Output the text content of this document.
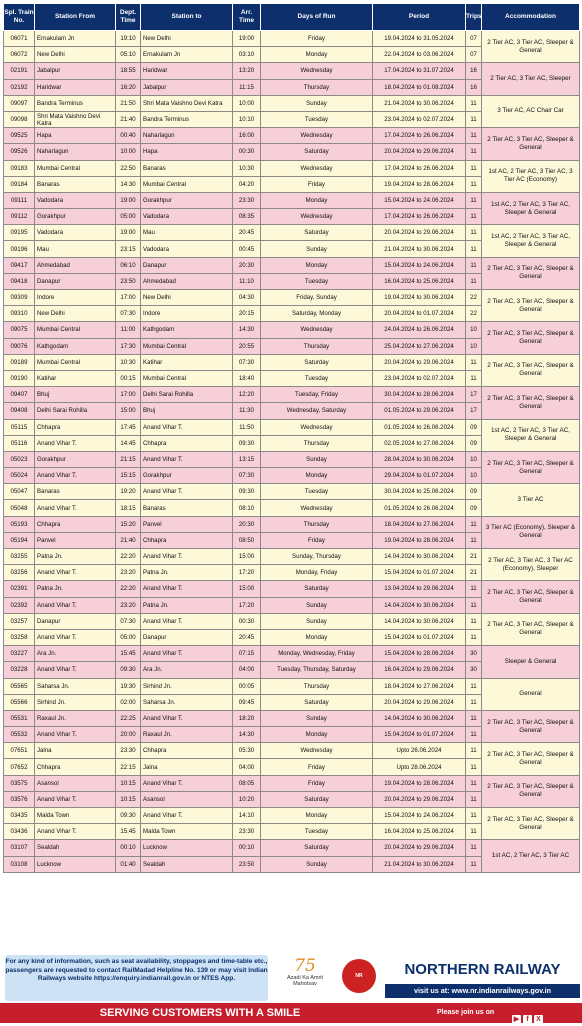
Spl. Train No.	Station From	Dept. Time	Station to	Arr. Time	Days of Run	Period	Trips	Accommodation
06071	Ernakulam Jn	19:10	New Delhi	19:00	Friday	19.04.2024 to 31.05.2024	07	2 Tier AC, 3 Tier AC, Sleeper & General
06072	New Delhi	05:10	Ernakulam Jn	03:10	Monday	22.04.2024 to 03.06.2024	07	
02191	Jabalpur	18:55	Haridwar	13:20	Wednesday	17.04.2024 to 31.07.2024	16	2 Tier AC, 3 Tier AC, Sleeper
02192	Haridwar	16:20	Jabalpur	11:15	Thursday	18.04.2024 to 01.08.2024	16	
09097	Bandra Terminus	21:50	Shri Mata Vaishno Devi Katra	10:00	Sunday	21.04.2024 to 30.06.2024	11	3 Tier AC, AC Chair Car
09098	Shri Mata Vaishno Devi Katra	21:40	Bandra Terminus	10:10	Tuesday	23.04.2024 to 02.07.2024	11	
09525	Hapa	00:40	Naharlagun	16:00	Wednesday	17.04.2024 to 26.06.2024	11	2 Tier AC, 3 Tier AC, Sleeper & General
09526	Naharlagun	10:00	Hapa	00:30	Saturday	20.04.2024 to 29.06.2024	11	
09183	Mumbai Central	22:50	Banaras	10:30	Wednesday	17.04.2024 to 26.06.2024	11	1st AC, 2 Tier AC, 3 Tier AC, 3 Tier AC (Economy)
09184	Banaras	14:30	Mumbai Central	04:20	Friday	19.04.2024 to 28.06.2024	11	
09111	Vadodara	19:00	Gorakhpur	23:30	Monday	15.04.2024 to 24.06.2024	11	1st AC, 2 Tier AC, 3 Tier AC, Sleeper & General
09112	Gorakhpur	05:00	Vadodara	08:35	Wednesday	17.04.2024 to 26.06.2024	11	
09195	Vadodara	19:00	Mau	20:45	Saturday	20.04.2024 to 29.06.2024	11	1st AC, 2 Tier AC, 3 Tier AC, Sleeper & General
09196	Mau	23:15	Vadodara	00:45	Sunday	21.04.2024 to 30.06.2024	11	
09417	Ahmedabad	06:10	Danapur	20:30	Monday	15.04.2024 to 24.06.2024	11	2 Tier AC, 3 Tier AC, Sleeper & General
09418	Danapur	23:50	Ahmedabad	11:10	Tuesday	16.04.2024 to 25.06.2024	11	
09309	Indore	17:00	New Delhi	04:30	Friday, Sunday	19.04.2024 to 30.06.2024	22	2 Tier AC, 3 Tier AC, Sleeper & General
09310	New Delhi	07:30	Indore	20:15	Saturday, Monday	20.04.2024 to 01.07.2024	22	
09075	Mumbai Central	11:00	Kathgodam	14:30	Wednesday	24.04.2024 to 26.06.2024	10	2 Tier AC, 3 Tier AC, Sleeper & General
09076	Kathgodam	17:30	Mumbai Central	20:55	Thursday	25.04.2024 to 27.06.2024	10	
09189	Mumbai Central	10:30	Katihar	07:30	Saturday	20.04.2024 to 29.06.2024	11	2 Tier AC, 3 Tier AC, Sleeper & General
09190	Katihar	00:15	Mumbai Central	18:40	Tuesday	23.04.2024 to 02.07.2024	11	
09407	Bhuj	17:00	Delhi Sarai Rohilla	12:20	Tuesday, Friday	30.04.2024 to 28.06.2024	17	2 Tier AC, 3 Tier AC, Sleeper & General
09408	Delhi Sarai Rohilla	15:00	Bhuj	11:30	Wednesday, Saturday	01.05.2024 to 29.06.2024	17	
05115	Chhapra	17:45	Anand Vihar T.	11:50	Wednesday	01.05.2024 to 26.06.2024	09	1st AC, 2 Tier AC, 3 Tier AC, Sleeper & General
05116	Anand Vihar T.	14:45	Chhapra	09:30	Thursday	02.05.2024 to 27.06.2024	09	
05023	Gorakhpur	21:15	Anand Vihar T.	13:15	Sunday	28.04.2024 to 30.06.2024	10	2 Tier AC, 3 Tier AC, Sleeper & General
05024	Anand Vihar T.	15:15	Gorakhpur	07:30	Monday	29.04.2024 to 01.07.2024	10	
05047	Banaras	19:20	Anand Vihar T.	09:30	Tuesday	30.04.2024 to 25.06.2024	09	3 Tier AC
05048	Anand Vihar T.	18:15	Banaras	08:10	Wednesday	01.05.2024 to 26.06.2024	09	
05193	Chhapra	15:20	Panvel	20:30	Thursday	18.04.2024 to 27.06.2024	11	3 Tier AC (Economy), Sleeper & General
05194	Panvel	21:40	Chhapra	08:50	Friday	19.04.2024 to 28.06.2024	11	
03255	Patna Jn.	22:20	Anand Vihar T.	15:00	Sunday, Thursday	14.04.2024 to 30.06.2024	21	2 Tier AC, 3 Tier AC, 3 Tier AC (Economy), Sleeper
03256	Anand Vihar T.	23:20	Patna Jn.	17:20	Monday, Friday	15.04.2024 to 01.07.2024	21	
02391	Patna Jn.	22:20	Anand Vihar T.	15:00	Saturday	13.04.2024 to 29.06.2024	11	2 Tier AC, 3 Tier AC, Sleeper & General
02392	Anand Vihar T.	23:20	Patna Jn.	17:20	Sunday	14.04.2024 to 30.06.2024	11	
03257	Danapur	07:30	Anand Vihar T.	00:30	Sunday	14.04.2024 to 30.06.2024	11	2 Tier AC, 3 Tier AC, Sleeper & General
03258	Anand Vihar T.	05:00	Danapur	20:45	Monday	15.04.2024 to 01.07.2024	11	
03227	Ara Jn.	15:45	Anand Vihar T.	07:15	Monday, Wednesday, Friday	15.04.2024 to 28.06.2024	30	Sleeper & General
03228	Anand Vihar T.	09:30	Ara Jn.	04:00	Tuesday, Thursday, Saturday	16.04.2024 to 29.06.2024	30	
05565	Saharsa Jn.	19:30	Sirhind Jn.	00:05	Thursday	18.04.2024 to 27.06.2024	11	General
05566	Sirhind Jn.	02:00	Saharsa Jn.	09:45	Saturday	20.04.2024 to 29.06.2024	11	
05531	Raxaul Jn.	22:25	Anand Vihar T.	18:20	Sunday	14.04.2024 to 30.06.2024	11	2 Tier AC, 3 Tier AC, Sleeper & General
05532	Anand Vihar T.	20:00	Raxaul Jn.	14:30	Monday	15.04.2024 to 01.07.2024	11	
07651	Jalna	23:30	Chhapra	05:30	Wednesday	Upto 26.06.2024	11	2 Tier AC, 3 Tier AC, Sleeper & General
07652	Chhapra	22:15	Jalna	04:00	Friday	Upto 28.06.2024	11	
03575	Asansol	10:15	Anand Vihar T.	08:05	Friday	19.04.2024 to 28.06.2024	11	2 Tier AC, 3 Tier AC, Sleeper & General
03576	Anand Vihar T.	10:15	Asansol	10:20	Saturday	20.04.2024 to 29.06.2024	11	
03435	Malda Town	09:30	Anand Vihar T.	14:10	Monday	15.04.2024 to 24.06.2024	11	2 Tier AC, 3 Tier AC, Sleeper & General
03436	Anand Vihar T.	15:45	Malda Town	23:30	Tuesday	16.04.2024 to 25.06.2024	11	
03107	Sealdah	00:10	Lucknow	00:10	Saturday	20.04.2024 to 29.06.2024	11	1st AC, 2 Tier AC, 3 Tier AC
03108	Lucknow	01:40	Sealdah	23:50	Sunday	21.04.2024 to 30.06.2024	11	
For any kind of information, such as seat availability, stoppages and time-table etc., passengers are requested to contact RailMadad Helpline No. 139 or may visit Indian Railways website https://enquiry.indianrail.gov.in or NTES App.
75
Azadi Ka Amrit Mahotsav
NR	NORTHERN RAILWAY
visit us at: www.nr.indianrailways.gov.in
SERVING CUSTOMERS WITH A SMILE	Please join us on
▶ f X
